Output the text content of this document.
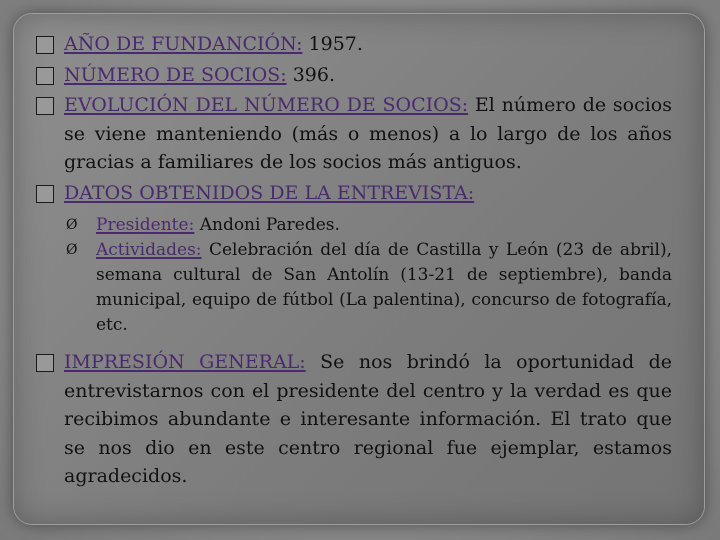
AÑO DE FUNDANCIÓN: 1957.
NÚMERO DE SOCIOS: 396.
EVOLUCIÓN DEL NÚMERO DE SOCIOS: El número de socios se viene manteniendo (más o menos) a lo largo de los años gracias a familiares de los socios más antiguos.
DATOS OBTENIDOS DE LA ENTREVISTA:
Ø Presidente: Andoni Paredes.
Ø Actividades: Celebración del día de Castilla y León (23 de abril), semana cultural de San Antolín (13-21 de septiembre), banda municipal, equipo de fútbol (La palentina), concurso de fotografía, etc.
IMPRESIÓN GENERAL: Se nos brindó la oportunidad de entrevistarnos con el presidente del centro y la verdad es que recibimos abundante e interesante información. El trato que se nos dio en este centro regional fue ejemplar, estamos agradecidos.
